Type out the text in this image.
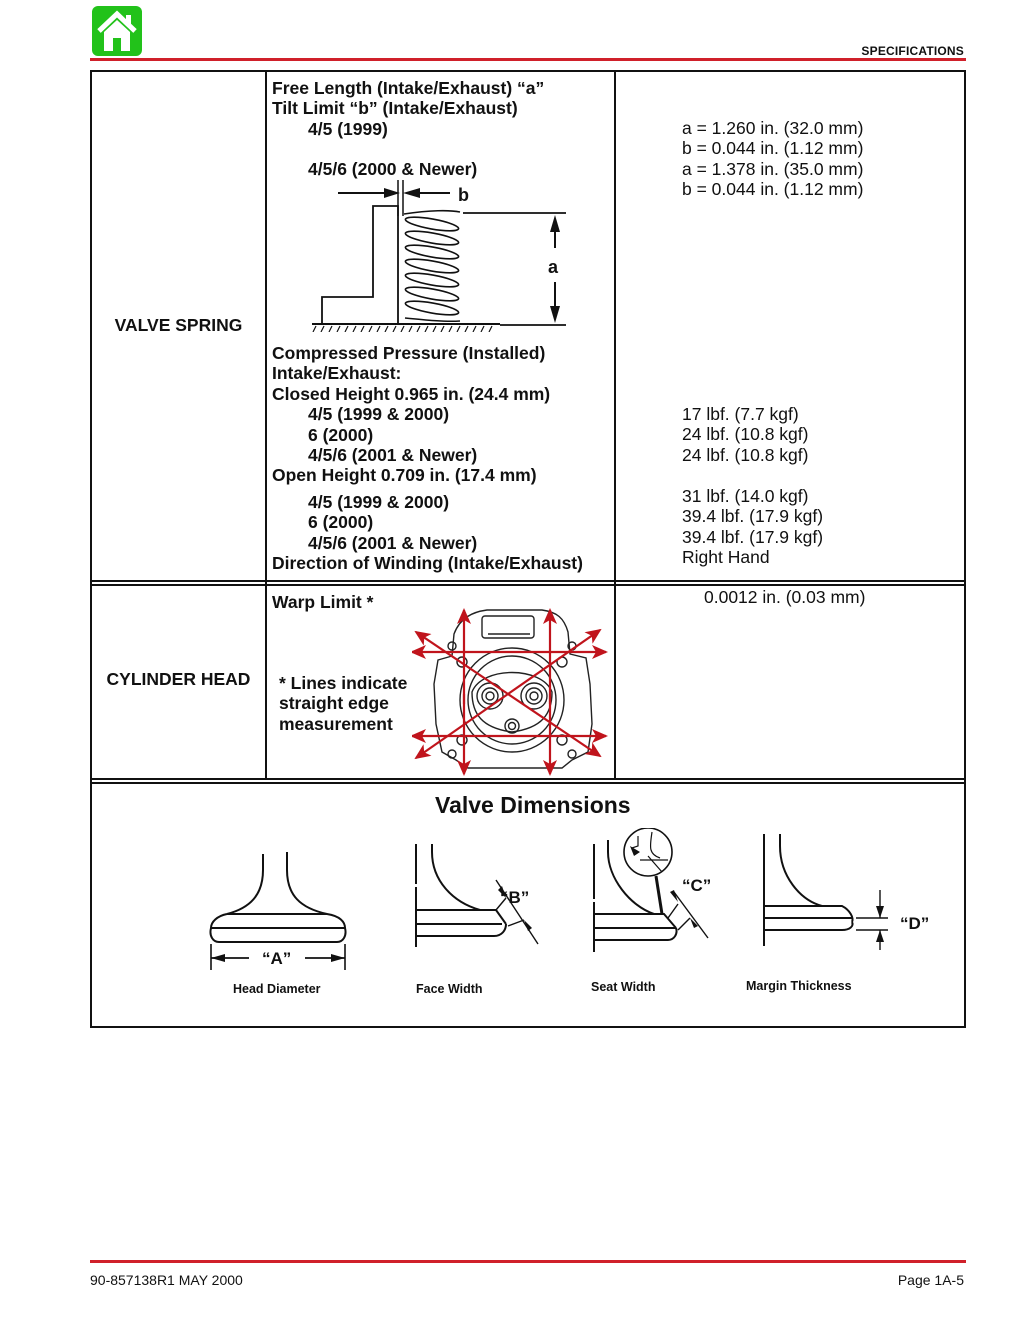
SPECIFICATIONS
VALVE SPRING
Free Length (Intake/Exhaust) “a”
Tilt Limit “b” (Intake/Exhaust)
4/5 (1999)
4/5/6 (2000 & Newer)
b
a
Compressed Pressure (Installed)
Intake/Exhaust:
Closed Height 0.965 in. (24.4 mm)
4/5 (1999 & 2000)
6 (2000)
4/5/6 (2001 & Newer)
Open Height 0.709 in. (17.4 mm)
4/5 (1999 & 2000)
6 (2000)
4/5/6 (2001 & Newer)
Direction of Winding (Intake/Exhaust)
a = 1.260 in. (32.0 mm)
b = 0.044 in. (1.12 mm)
a = 1.378 in. (35.0 mm)
b = 0.044 in. (1.12 mm)
17 lbf. (7.7 kgf)
24 lbf. (10.8 kgf)
24 lbf. (10.8 kgf)
31 lbf. (14.0 kgf)
39.4 lbf. (17.9 kgf)
39.4 lbf. (17.9 kgf)
Right Hand
CYLINDER HEAD
Warp Limit *
* Lines indicate
straight edge
measurement
0.0012 in. (0.03 mm)
Valve Dimensions
“A”
Head Diameter
“B”
Face Width
“C”
Seat Width
“D”
Margin Thickness
90-857138R1 MAY 2000	Page 1A-5
